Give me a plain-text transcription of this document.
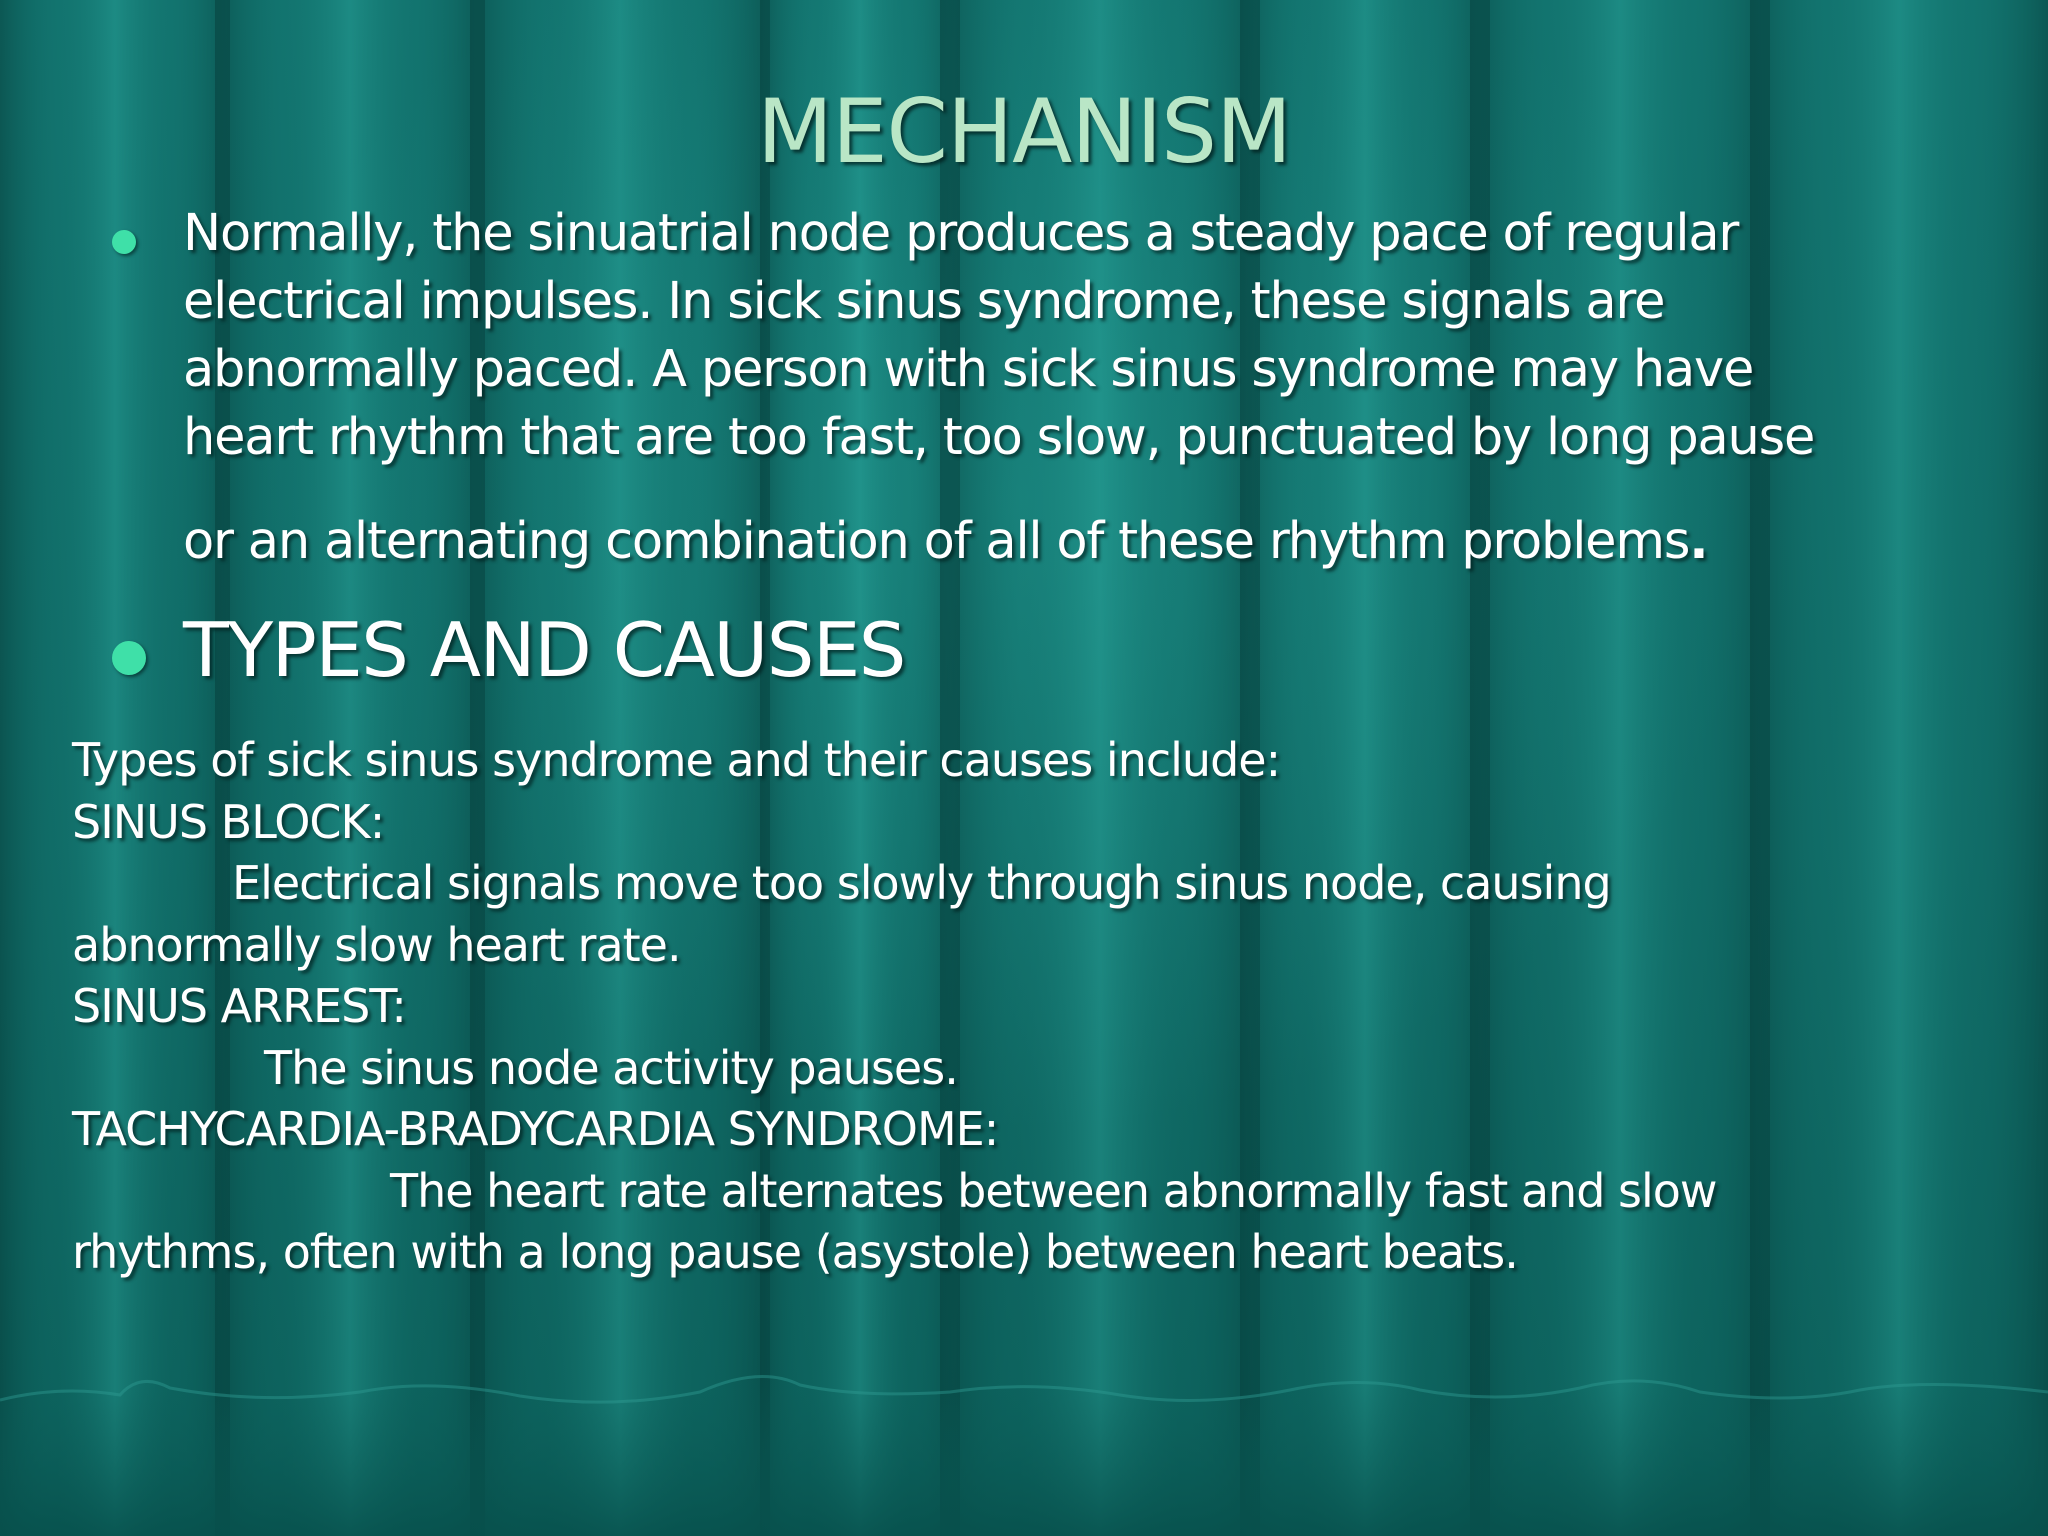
MECHANISM
Normally, the sinuatrial node produces a steady pace of regular
electrical impulses. In sick sinus syndrome, these signals are
abnormally paced. A person with sick sinus syndrome may have
heart rhythm that are too fast, too slow, punctuated by long pause
or an alternating combination of all of these rhythm problems.
TYPES AND CAUSES
Types of sick sinus syndrome and their causes include:
SINUS BLOCK:
Electrical signals move too slowly through sinus node, causing
abnormally slow heart rate.
SINUS ARREST:
The sinus node activity pauses.
TACHYCARDIA-BRADYCARDIA SYNDROME:
The heart rate alternates between abnormally fast and slow
rhythms, often with a long pause (asystole) between heart beats.
